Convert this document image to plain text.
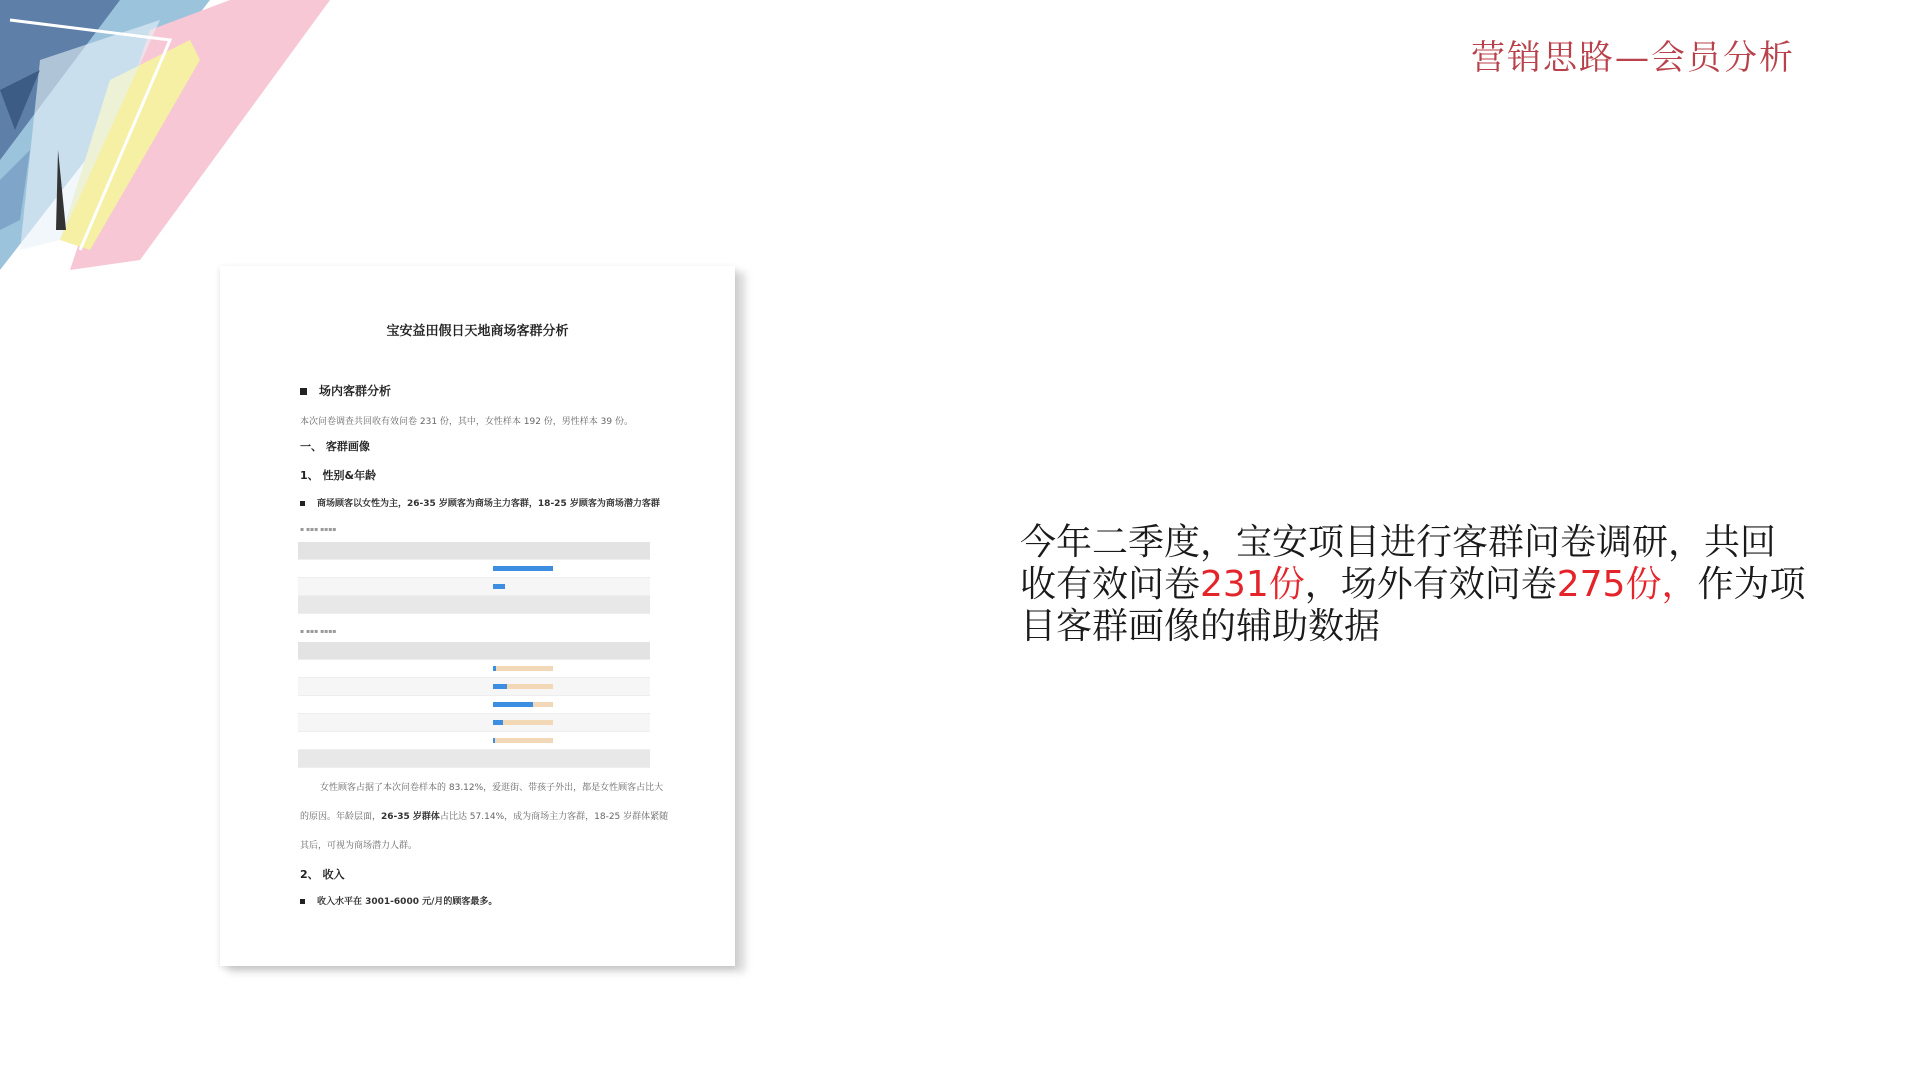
营销思路—会员分析
宝安益田假日天地商场客群分析
场内客群分析
本次问卷调查共回收有效问卷 231 份，其中，女性样本 192 份，男性样本 39 份。
一、 客群画像
1、 性别&年龄
商场顾客以女性为主，26-35 岁顾客为商场主力客群，18-25 岁顾客为商场潜力客群
▪ ▪▪▪ ▪▪▪▪
▪ ▪▪▪ ▪▪▪▪
女性顾客占据了本次问卷样本的 83.12%，爱逛街、带孩子外出，都是女性顾客占比大
的原因。年龄层面，26-35 岁群体占比达 57.14%，成为商场主力客群，18-25 岁群体紧随
其后，可视为商场潜力人群。
2、 收入
收入水平在 3001-6000 元/月的顾客最多。
今年二季度，宝安项目进行客群问卷调研，共回收有效问卷231份，场外有效问卷275份，作为项目客群画像的辅助数据
